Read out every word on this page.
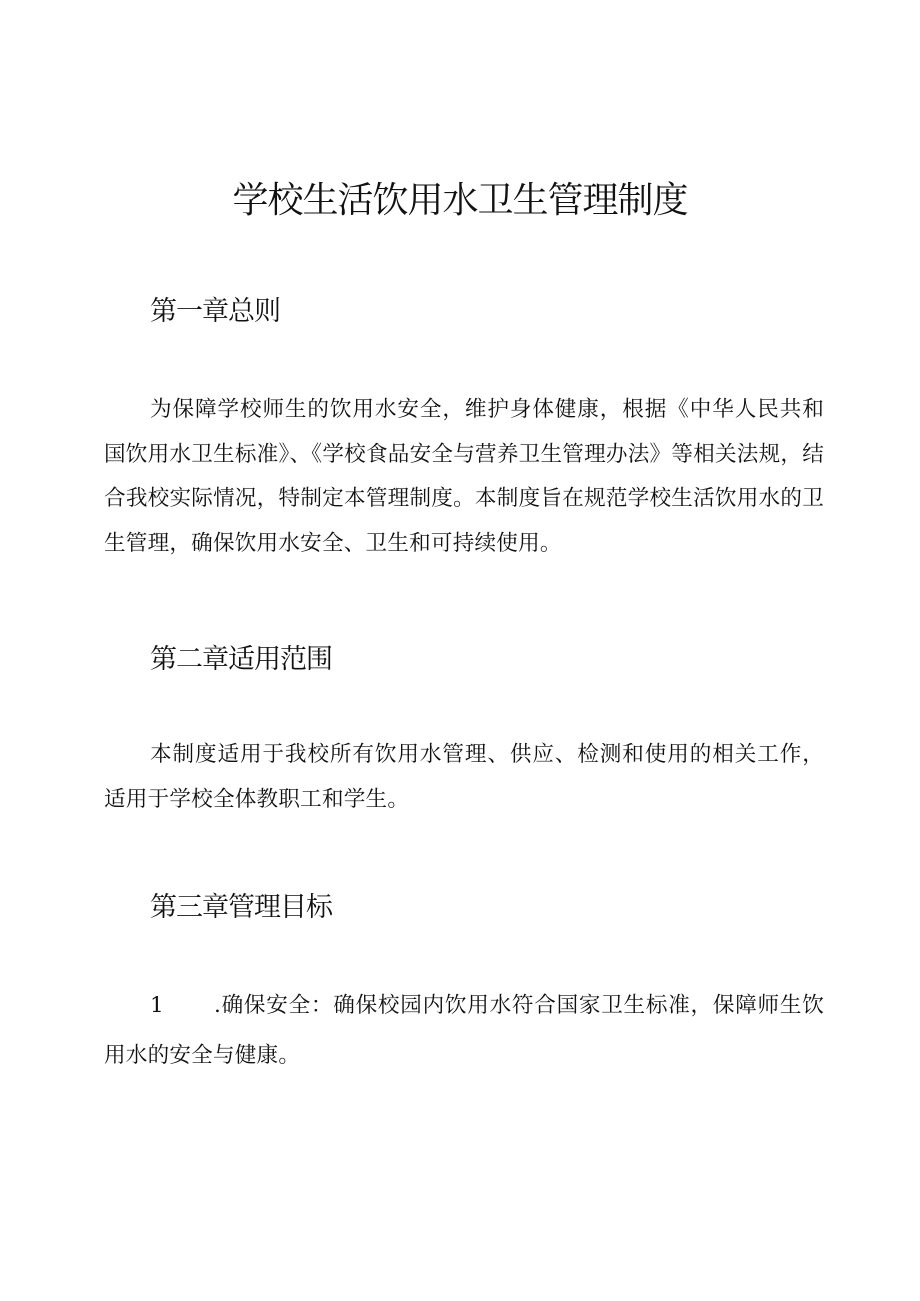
学校生活饮用水卫生管理制度
第一章总则

为保障学校师生的饮用水安全，维护身体健康，根据《中华人民共和国饮用水卫生标准》、《学校食品安全与营养卫生管理办法》等相关法规，结合我校实际情况，特制定本管理制度。本制度旨在规范学校生活饮用水的卫生管理，确保饮用水安全、卫生和可持续使用。

第二章适用范围

本制度适用于我校所有饮用水管理、供应、检测和使用的相关工作，适用于学校全体教职工和学生。

第三章管理目标

1 .确保安全：确保校园内饮用水符合国家卫生标准，保障师生饮用水的安全与健康。
